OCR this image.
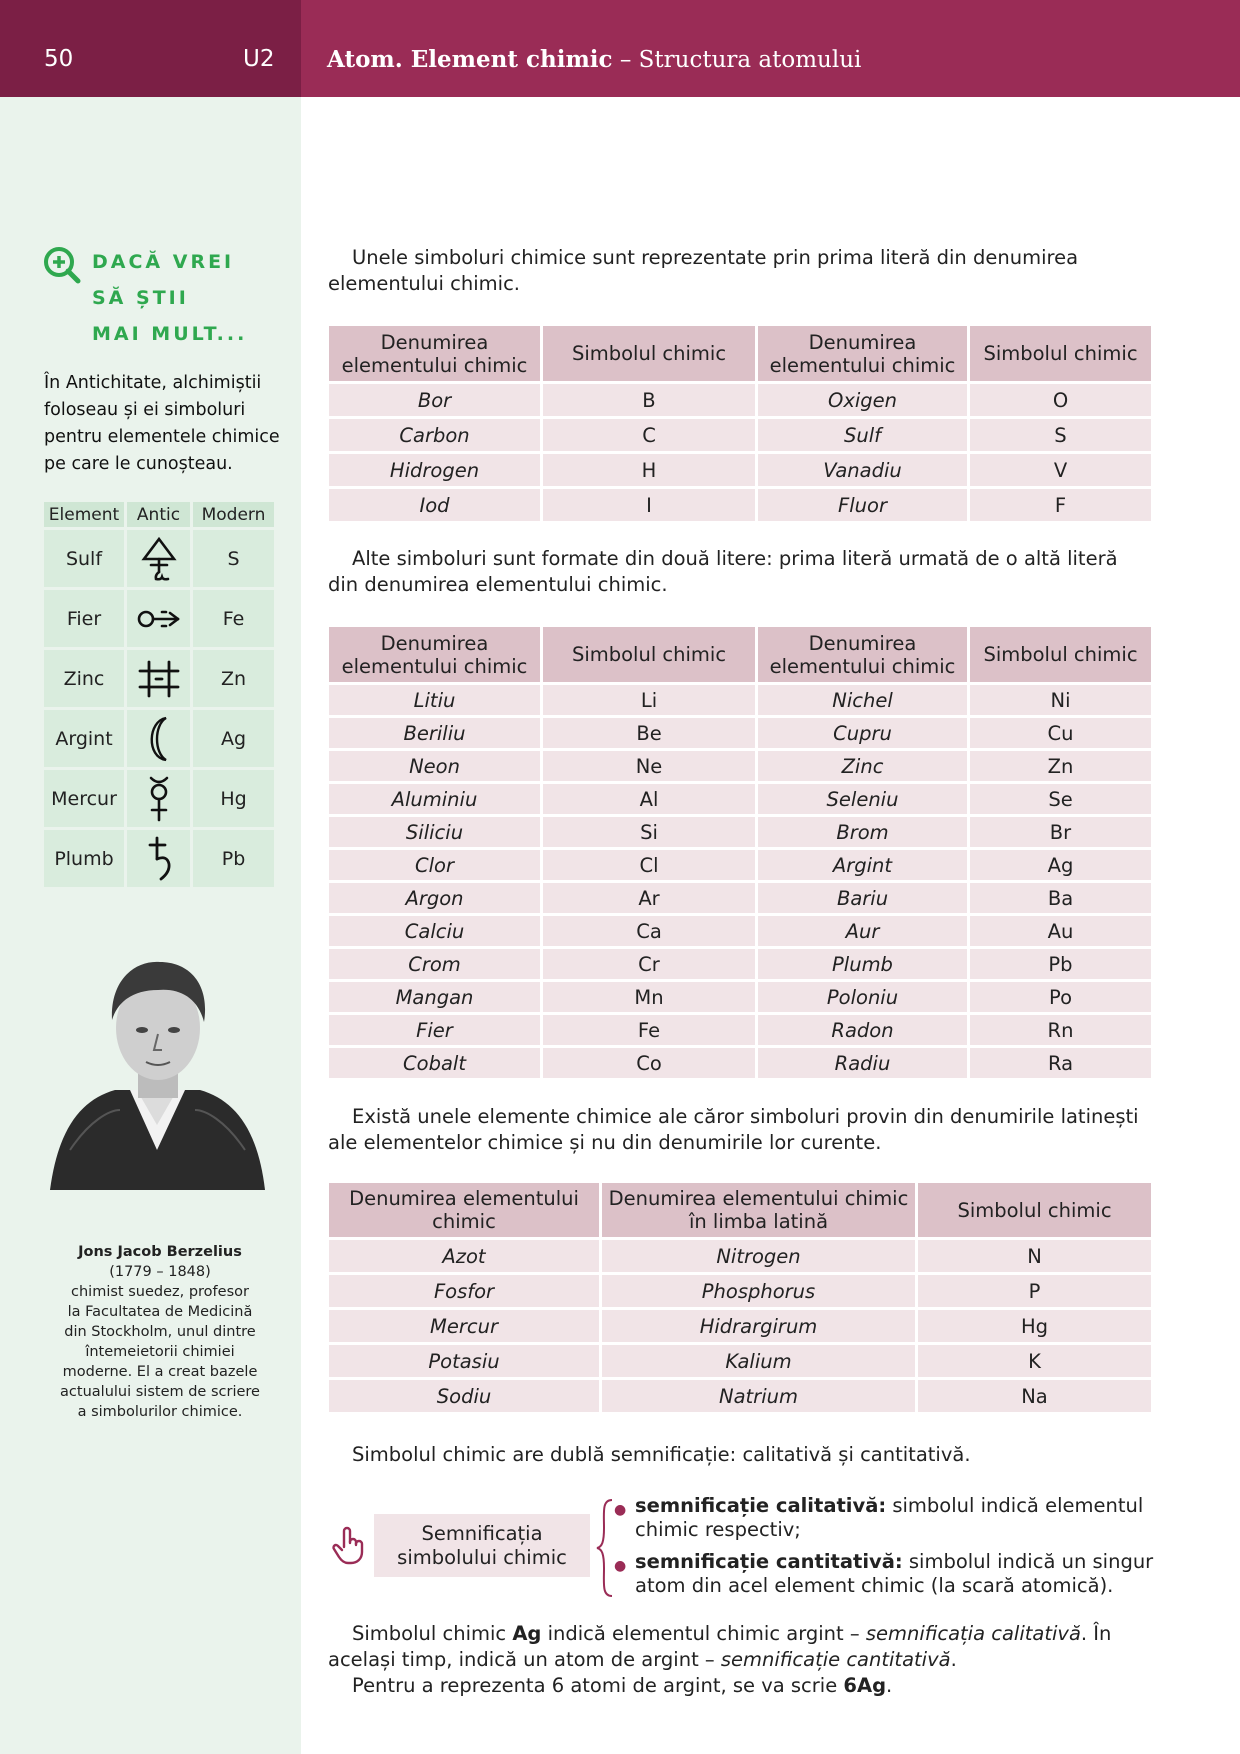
50	U2 Atom. Element chimic – Structura atomului
DACĂ VREI
SĂ ȘTII
MAI MULT...
În Antichitate, alchimiștii foloseau și ei simboluri pentru elementele chimice pe care le cunoșteau.
Element	Antic	Modern
Sulf		S
Fier		Fe
Zinc		Zn
Argint		Ag
Mercur		Hg
Plumb		Pb
Jons Jacob Berzelius
(1779 – 1848)
chimist suedez, profesor
la Facultatea de Medicină
din Stockholm, unul dintre
întemeietorii chimiei
moderne. El a creat bazele
actualului sistem de scriere
a simbolurilor chimice.
Unele simboluri chimice sunt reprezentate prin prima literă din denumirea elementului chimic.
Denumirea elementului chimic	Simbolul chimic	Denumirea elementului chimic	Simbolul chimic
Bor	B	Oxigen	O
Carbon	C	Sulf	S
Hidrogen	H	Vanadiu	V
Iod	I	Fluor	F
Alte simboluri sunt formate din două litere: prima literă urmată de o altă literă din denumirea elementului chimic.
Denumirea elementului chimic	Simbolul chimic	Denumirea elementului chimic	Simbolul chimic
Litiu	Li	Nichel	Ni
Beriliu	Be	Cupru	Cu
Neon	Ne	Zinc	Zn
Aluminiu	Al	Seleniu	Se
Siliciu	Si	Brom	Br
Clor	Cl	Argint	Ag
Argon	Ar	Bariu	Ba
Calciu	Ca	Aur	Au
Crom	Cr	Plumb	Pb
Mangan	Mn	Poloniu	Po
Fier	Fe	Radon	Rn
Cobalt	Co	Radiu	Ra
Există unele elemente chimice ale căror simboluri provin din denumirile latinești ale elementelor chimice și nu din denumirile lor curente.
Denumirea elementului chimic	Denumirea elementului chimic în limba latină	Simbolul chimic
Azot	Nitrogen	N
Fosfor	Phosphorus	P
Mercur	Hidrargirum	Hg
Potasiu	Kalium	K
Sodiu	Natrium	Na
Simbolul chimic are dublă semnificație: calitativă și cantitativă.
Semnificația
simbolului chimic
● semnificație calitativă: simbolul indică elementul chimic respectiv;
● semnificație cantitativă: simbolul indică un singur atom din acel element chimic (la scară atomică).

Simbolul chimic Ag indică elementul chimic argint – semnificația calitativă. În același timp, indică un atom de argint – semnificație cantitativă.

Pentru a reprezenta 6 atomi de argint, se va scrie 6Ag.
